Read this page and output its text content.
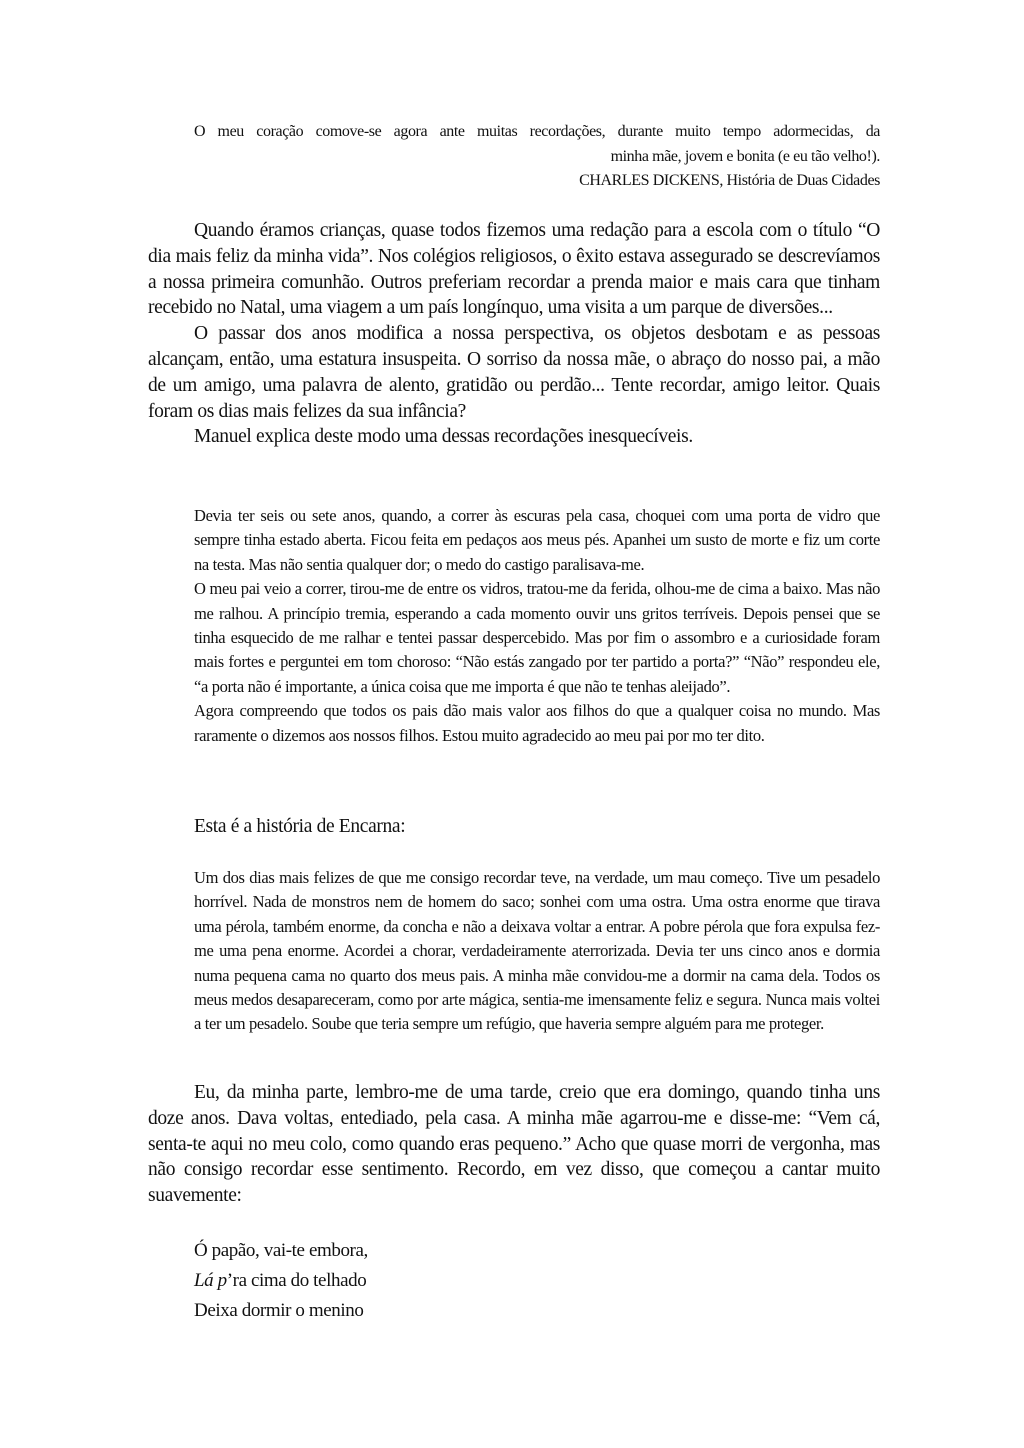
O meu coração comove-se agora ante muitas recordações, durante muito tempo adormecidas, da
minha mãe, jovem e bonita (e eu tão velho!).
CHARLES DICKENS, História de Duas Cidades

Quando éramos crianças, quase todos fizemos uma redação para a escola com o título “O dia mais feliz da minha vida”. Nos colégios religiosos, o êxito estava assegurado se descrevíamos a nossa primeira comunhão. Outros preferiam recordar a prenda maior e mais cara que tinham recebido no Natal, uma viagem a um país longínquo, uma visita a um parque de diversões...

O passar dos anos modifica a nossa perspectiva, os objetos desbotam e as pessoas alcançam, então, uma estatura insuspeita. O sorriso da nossa mãe, o abraço do nosso pai, a mão de um amigo, uma palavra de alento, gratidão ou perdão... Tente recordar, amigo leitor. Quais foram os dias mais felizes da sua infância?

Manuel explica deste modo uma dessas recordações inesquecíveis.

Devia ter seis ou sete anos, quando, a correr às escuras pela casa, choquei com uma porta de vidro que sempre tinha estado aberta. Ficou feita em pedaços aos meus pés. Apanhei um susto de morte e fiz um corte na testa. Mas não sentia qualquer dor; o medo do castigo paralisava-me.

O meu pai veio a correr, tirou-me de entre os vidros, tratou-me da ferida, olhou-me de cima a baixo. Mas não me ralhou. A princípio tremia, esperando a cada momento ouvir uns gritos terríveis. Depois pensei que se tinha esquecido de me ralhar e tentei passar despercebido. Mas por fim o assombro e a curiosidade foram mais fortes e perguntei em tom choroso: “Não estás zangado por ter partido a porta?” “Não” respondeu ele, “a porta não é importante, a única coisa que me importa é que não te tenhas aleijado”.

Agora compreendo que todos os pais dão mais valor aos filhos do que a qualquer coisa no mundo. Mas raramente o dizemos aos nossos filhos. Estou muito agradecido ao meu pai por mo ter dito.

Esta é a história de Encarna:

Um dos dias mais felizes de que me consigo recordar teve, na verdade, um mau começo. Tive um pesadelo horrível. Nada de monstros nem de homem do saco; sonhei com uma ostra. Uma ostra enorme que tirava uma pérola, também enorme, da concha e não a deixava voltar a entrar. A pobre pérola que fora expulsa fez-me uma pena enorme. Acordei a chorar, verdadeiramente aterrorizada. Devia ter uns cinco anos e dormia numa pequena cama no quarto dos meus pais. A minha mãe convidou-me a dormir na cama dela. Todos os meus medos desapareceram, como por arte mágica, sentia-me imensamente feliz e segura. Nunca mais voltei a ter um pesadelo. Soube que teria sempre um refúgio, que haveria sempre alguém para me proteger.

Eu, da minha parte, lembro-me de uma tarde, creio que era domingo, quando tinha uns doze anos. Dava voltas, entediado, pela casa. A minha mãe agarrou-me e disse-me: “Vem cá, senta-te aqui no meu colo, como quando eras pequeno.” Acho que quase morri de vergonha, mas não consigo recordar esse sentimento. Recordo, em vez disso, que começou a cantar muito suavemente:

Ó papão, vai-te embora,
Lá p’ra cima do telhado
Deixa dormir o menino
